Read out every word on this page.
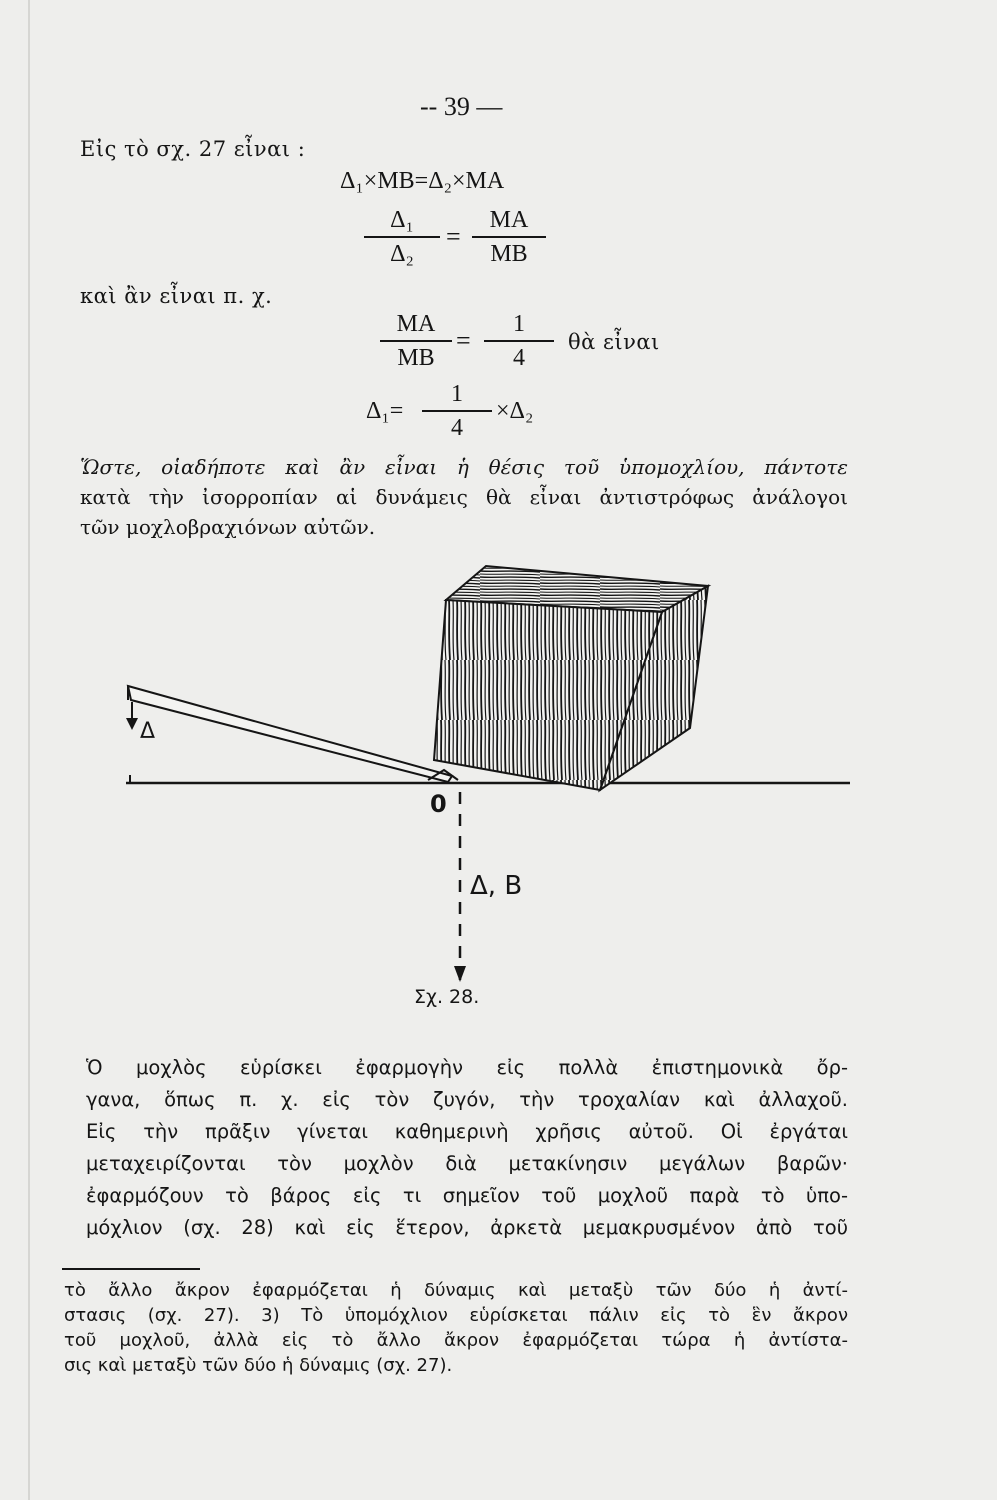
-- 39 —
Εἰς τὸ σχ. 27 εἶναι :
Δ₁×ΜΒ=Δ₂×ΜΑ
Δ₁
Δ₂
=
ΜΑ
ΜΒ
καὶ ἂν εἶναι π. χ.
ΜΑ
ΜΒ
=
1
4
θὰ εἶναι
Δ₁=
1
4
×Δ₂
Ὥστε, οἱαδήποτε καὶ ἂν εἶναι ἡ θέσις τοῦ ὑπομοχλίου, πάντοτε
κατὰ τὴν ἰσορροπίαν αἱ δυνάμεις θὰ εἶναι ἀντιστρόφως ἀνάλογοι
τῶν μοχλοβραχιόνων αὐτῶν.
Δ
0
Δ, Β
Σχ. 28.
Ὁ μοχλὸς εὑρίσκει ἐφαρμογὴν εἰς πολλὰ ἐπιστημονικὰ ὄρ-
γανα, ὅπως π. χ. εἰς τὸν ζυγόν, τὴν τροχαλίαν καὶ ἀλλαχοῦ.
Εἰς τὴν πρᾶξιν γίνεται καθημερινὴ χρῆσις αὐτοῦ. Οἱ ἐργάται
μεταχειρίζονται τὸν μοχλὸν διὰ μετακίνησιν μεγάλων βαρῶν·
ἐφαρμόζουν τὸ βάρος εἰς τι σημεῖον τοῦ μοχλοῦ παρὰ τὸ ὑπο-
μόχλιον (σχ. 28) καὶ εἰς ἕτερον, ἀρκετὰ μεμακρυσμένον ἀπὸ τοῦ
τὸ ἄλλο ἄκρον ἐφαρμόζεται ἡ δύναμις καὶ μεταξὺ τῶν δύο ἡ ἀντί-
στασις (σχ. 27). 3) Τὸ ὑπομόχλιον εὑρίσκεται πάλιν εἰς τὸ ἓν ἄκρον
τοῦ μοχλοῦ, ἀλλὰ εἰς τὸ ἄλλο ἄκρον ἐφαρμόζεται τώρα ἡ ἀντίστα-
σις καὶ μεταξὺ τῶν δύο ἡ δύναμις (σχ. 27).
